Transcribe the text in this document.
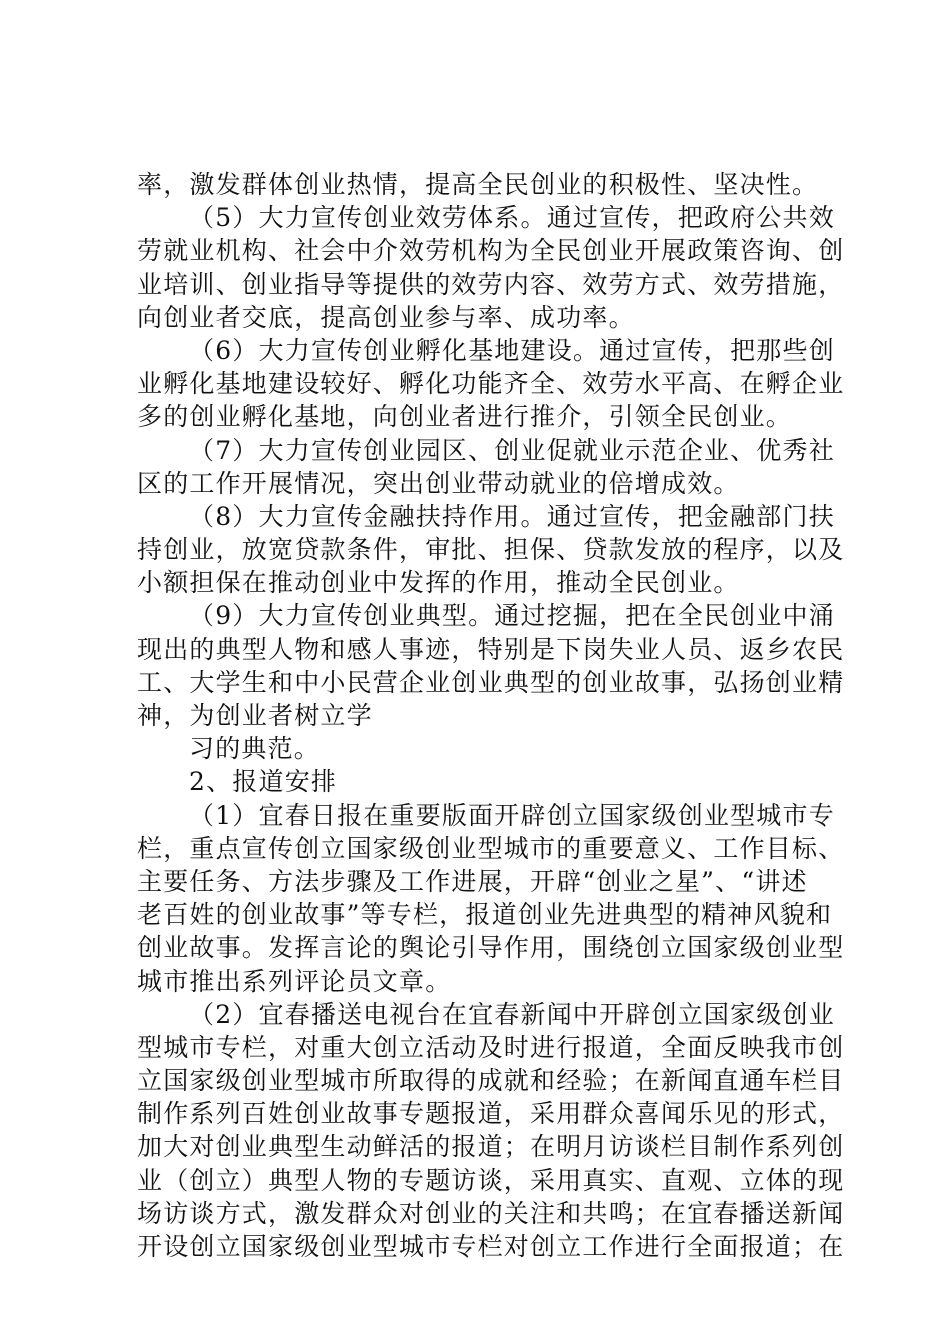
率，激发群体创业热情，提高全民创业的积极性、坚决性。
（5）大力宣传创业效劳体系。通过宣传，把政府公共效
劳就业机构、社会中介效劳机构为全民创业开展政策咨询、创
业培训、创业指导等提供的效劳内容、效劳方式、效劳措施，
向创业者交底，提高创业参与率、成功率。
（6）大力宣传创业孵化基地建设。通过宣传，把那些创
业孵化基地建设较好、孵化功能齐全、效劳水平高、在孵企业
多的创业孵化基地，向创业者进行推介，引领全民创业。
（7）大力宣传创业园区、创业促就业示范企业、优秀社
区的工作开展情况，突出创业带动就业的倍增成效。
（8）大力宣传金融扶持作用。通过宣传，把金融部门扶
持创业，放宽贷款条件，审批、担保、贷款发放的程序，以及
小额担保在推动创业中发挥的作用，推动全民创业。
（9）大力宣传创业典型。通过挖掘，把在全民创业中涌
现出的典型人物和感人事迹，特别是下岗失业人员、返乡农民
工、大学生和中小民营企业创业典型的创业故事，弘扬创业精
神，为创业者树立学
习的典范。
2、报道安排
（1）宜春日报在重要版面开辟创立国家级创业型城市专
栏，重点宣传创立国家级创业型城市的重要意义、工作目标、
主要任务、方法步骤及工作进展，开辟“创业之星”、“讲述
老百姓的创业故事”等专栏，报道创业先进典型的精神风貌和
创业故事。发挥言论的舆论引导作用，围绕创立国家级创业型
城市推出系列评论员文章。
（2）宜春播送电视台在宜春新闻中开辟创立国家级创业
型城市专栏，对重大创立活动及时进行报道，全面反映我市创
立国家级创业型城市所取得的成就和经验；在新闻直通车栏目
制作系列百姓创业故事专题报道，采用群众喜闻乐见的形式，
加大对创业典型生动鲜活的报道；在明月访谈栏目制作系列创
业（创立）典型人物的专题访谈，采用真实、直观、立体的现
场访谈方式，激发群众对创业的关注和共鸣；在宜春播送新闻
开设创立国家级创业型城市专栏对创立工作进行全面报道；在
